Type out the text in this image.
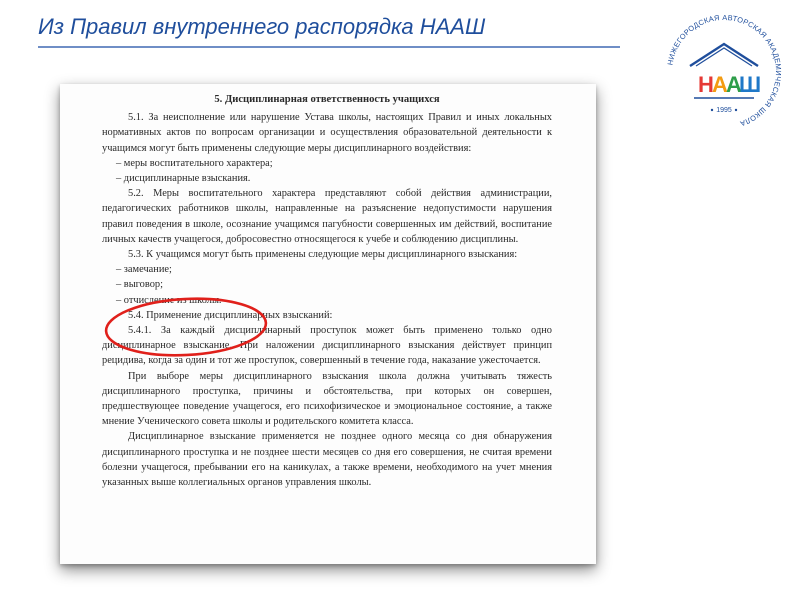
Из Правил внутреннего распорядка НААШ
НИЖЕГОРОДСКАЯ АВТОРСКАЯ АКАДЕМИЧЕСКАЯ ШКОЛА
Н
А
А
Ш
1995
5. Дисциплинарная ответственность учащихся

5.1. За неисполнение или нарушение Устава школы, настоящих Правил и иных локальных нормативных актов по вопросам организации и осуществления образовательной деятельности к учащимся могут быть применены следующие меры дисциплинарного воздействия:

– меры воспитательного характера;

– дисциплинарные взыскания.

5.2. Меры воспитательного характера представляют собой действия администрации, педагогических работников школы, направленные на разъяснение недопустимости нарушения правил поведения в школе, осознание учащимся пагубности совершенных им действий, воспитание личных качеств учащегося, добросовестно относящегося к учебе и соблюдению дисциплины.

5.3. К учащимся могут быть применены следующие меры дисциплинарного взыскания:

– замечание;

– выговор;

– отчисление из школы.

5.4. Применение дисциплинарных взысканий:

5.4.1. За каждый дисциплинарный проступок может быть применено только одно дисциплинарное взыскание. При наложении дисциплинарного взыскания действует принцип рецидива, когда за один и тот же проступок, совершенный в течение года, наказание ужесточается.

При выборе меры дисциплинарного взыскания школа должна учитывать тяжесть дисциплинарного проступка, причины и обстоятельства, при которых он совершен, предшествующее поведение учащегося, его психофизическое и эмоциональное состояние, а также мнение Ученического совета школы и родительского комитета класса.

Дисциплинарное взыскание применяется не позднее одного месяца со дня обнаружения дисциплинарного проступка и не позднее шести месяцев со дня его совершения, не считая времени болезни учащегося, пребывании его на каникулах, а также времени, необходимого на учет мнения указанных выше коллегиальных органов управления школы.
